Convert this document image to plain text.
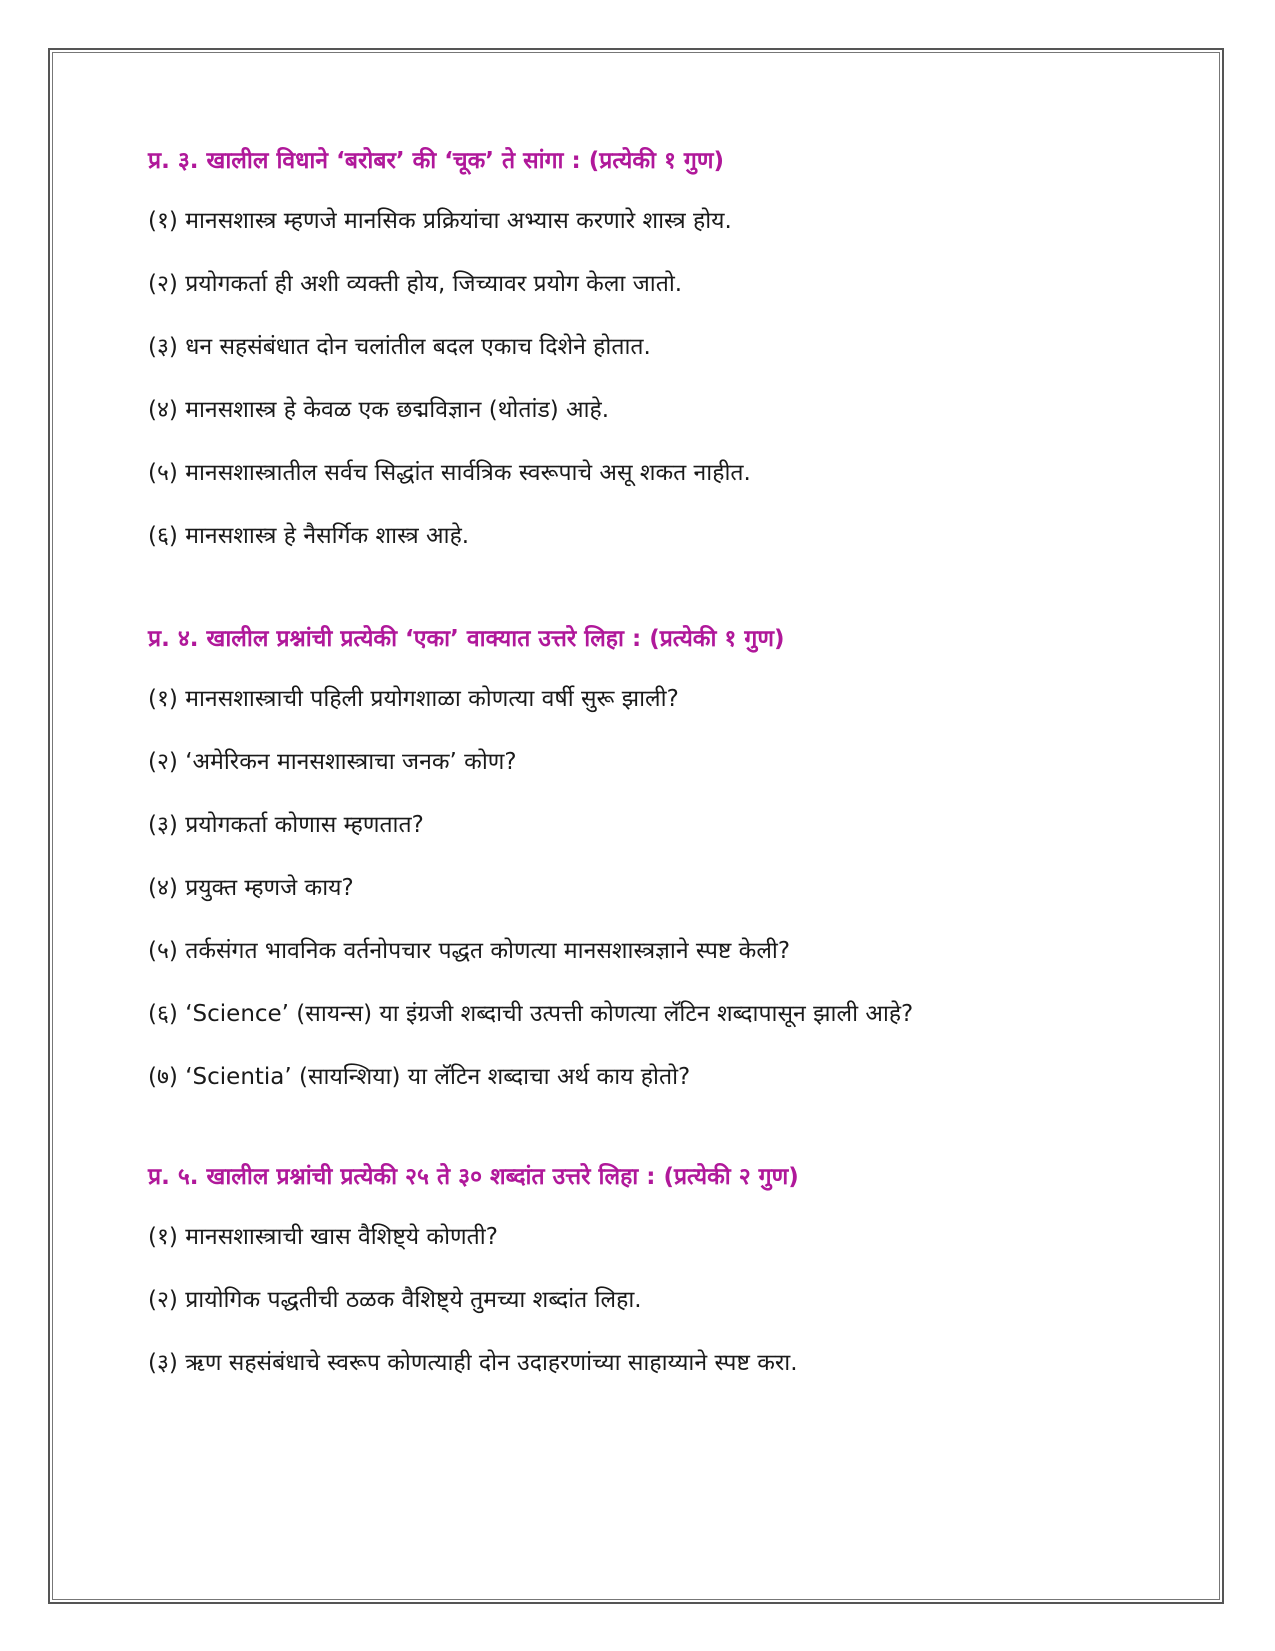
प्र. ३. खालील विधाने ‘बरोबर’ की ‘चूक’ ते सांगा : (प्रत्येकी १ गुण)
(१) मानसशास्त्र म्हणजे मानसिक प्रक्रियांचा अभ्यास करणारे शास्त्र होय.
(२) प्रयोगकर्ता ही अशी व्यक्ती होय, जिच्यावर प्रयोग केला जातो.
(३) धन सहसंबंधात दोन चलांतील बदल एकाच दिशेने होतात.
(४) मानसशास्त्र हे केवळ एक छद्मविज्ञान (थोतांड) आहे.
(५) मानसशास्त्रातील सर्वच सिद्धांत सार्वत्रिक स्वरूपाचे असू शकत नाहीत.
(६) मानसशास्त्र हे नैसर्गिक शास्त्र आहे.
प्र. ४. खालील प्रश्नांची प्रत्येकी ‘एका’ वाक्यात उत्तरे लिहा : (प्रत्येकी १ गुण)
(१) मानसशास्त्राची पहिली प्रयोगशाळा कोणत्या वर्षी सुरू झाली?
(२) ‘अमेरिकन मानसशास्त्राचा जनक’ कोण?
(३) प्रयोगकर्ता कोणास म्हणतात?
(४) प्रयुक्त म्हणजे काय?
(५) तर्कसंगत भावनिक वर्तनोपचार पद्धत कोणत्या मानसशास्त्रज्ञाने स्पष्ट केली?
(६) ‘Science’ (सायन्स) या इंग्रजी शब्दाची उत्पत्ती कोणत्या लॅटिन शब्दापासून झाली आहे?
(७) ‘Scientia’ (सायन्शिया) या लॅटिन शब्दाचा अर्थ काय होतो?
प्र. ५. खालील प्रश्नांची प्रत्येकी २५ ते ३० शब्दांत उत्तरे लिहा : (प्रत्येकी २ गुण)
(१) मानसशास्त्राची खास वैशिष्ट्ये कोणती?
(२) प्रायोगिक पद्धतीची ठळक वैशिष्ट्ये तुमच्या शब्दांत लिहा.
(३) ऋण सहसंबंधाचे स्वरूप कोणत्याही दोन उदाहरणांच्या साहाय्याने स्पष्ट करा.
